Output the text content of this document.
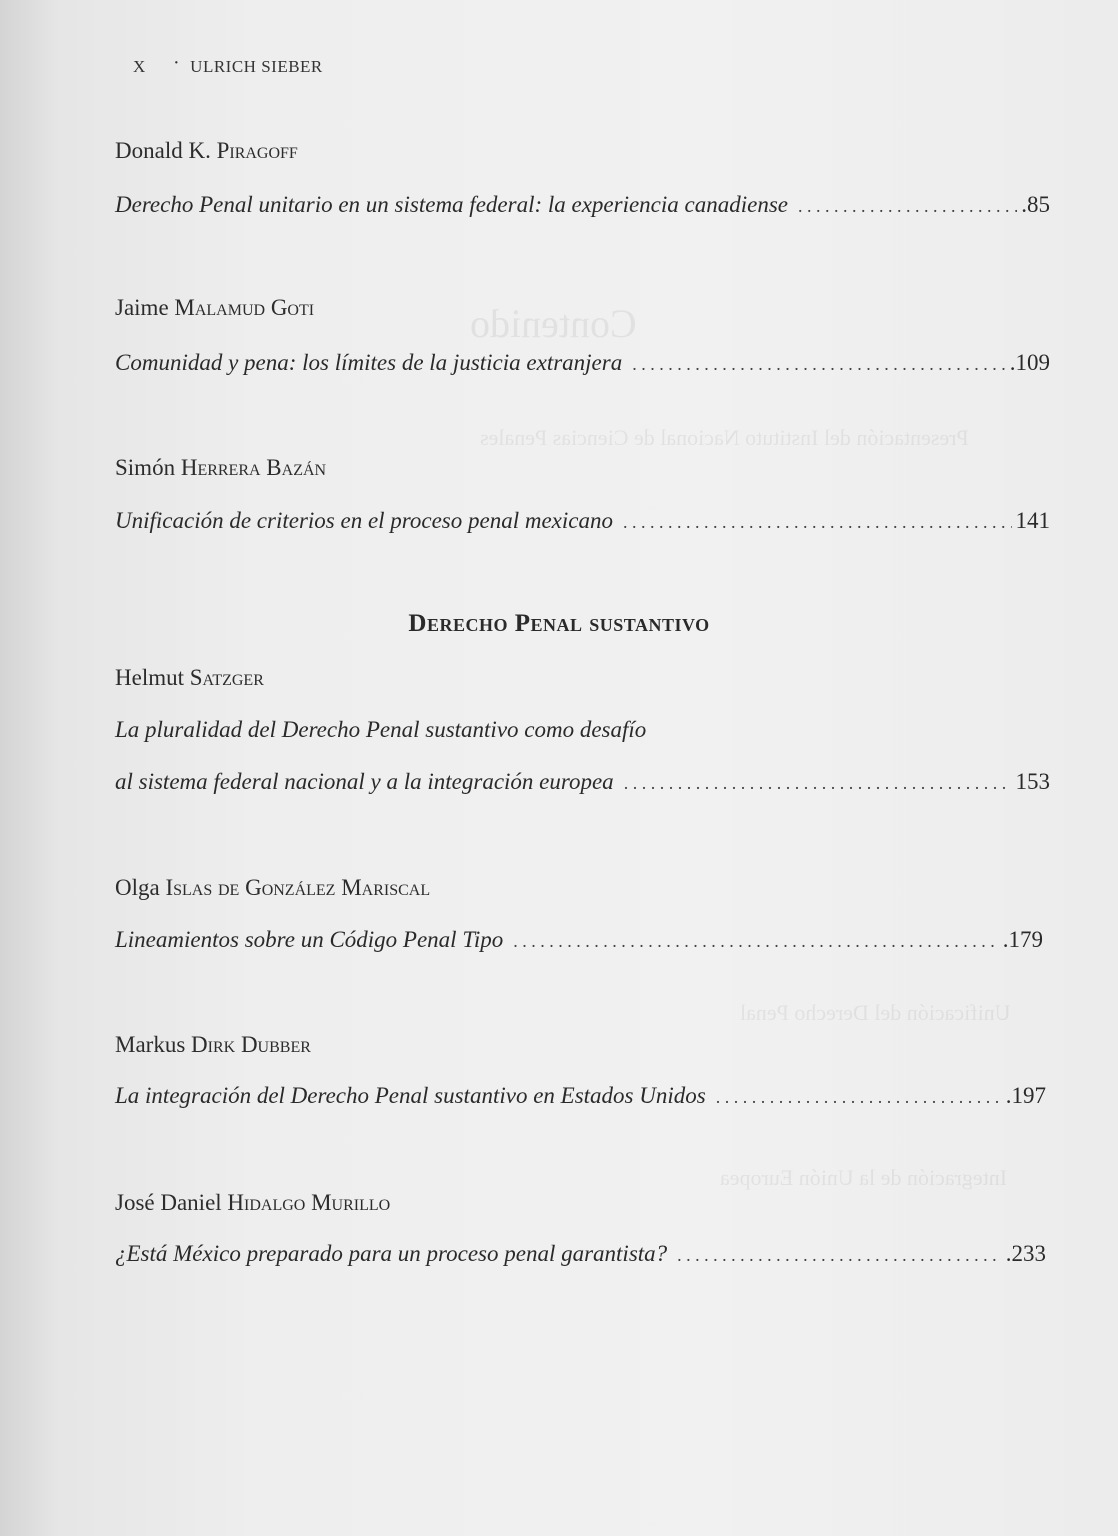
Contenido
Presentación del Instituto Nacional de Ciencias Penales
Unificación del Derecho Penal
Integración de la Unión Europea
X	· ULRICH SIEBER
Donald K. Piragoff
Derecho Penal unitario en un sistema federal: la experiencia canadiense . . .	.85
Jaime Malamud Goti
Comunidad y pena: los límites de la justicia extranjera . . .	.109
Simón Herrera Bazán
Unificación de criterios en el proceso penal mexicano . . .	141
Derecho Penal sustantivo
Helmut Satzger
La pluralidad del Derecho Penal sustantivo como desafío
al sistema federal nacional y a la integración europea . . .	153
Olga Islas de González Mariscal
Lineamientos sobre un Código Penal Tipo . . .	.179
Markus Dirk Dubber
La integración del Derecho Penal sustantivo en Estados Unidos . . .	.197
José Daniel Hidalgo Murillo
¿Está México preparado para un proceso penal garantista? . . .	.233
